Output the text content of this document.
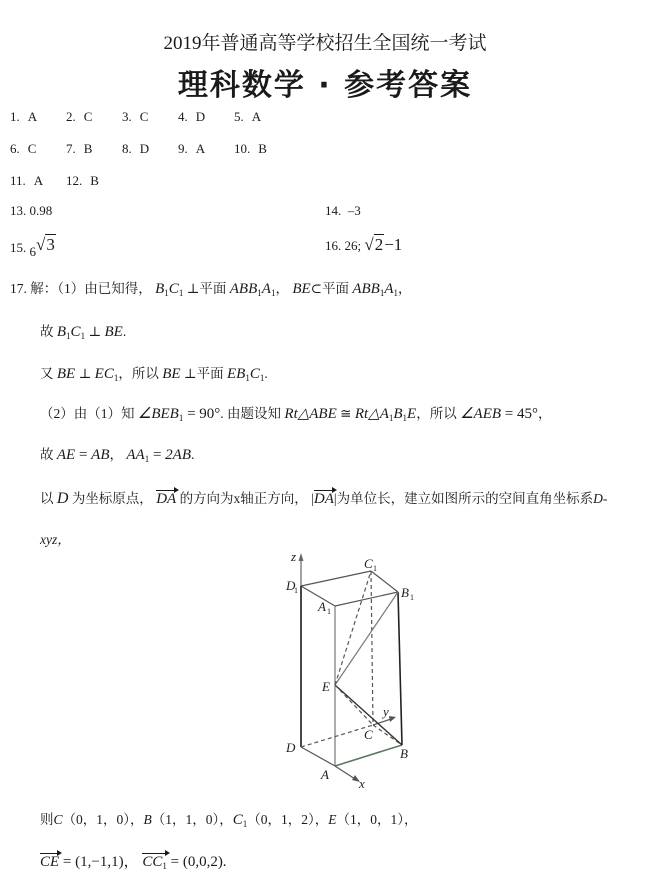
2019年普通高等学校招生全国统一考试
理科数学 · 参考答案
1. A 2. C 3. C 4. D 5. A
6. C 7. B 8. D 9. A 10. B
11. A 12. B
13. 0.98	14. –3
15. 6√3	16. 26; √2−1
17. 解：（1）由已知得， $B_1C_1$ ⊥平面 $ABB_1A_1$， BE⊂平面 $ABB_1A_1$，
故 $B_1C_1$ ⊥ BE.
又 BE ⊥ $EC_1$，所以 BE ⊥平面 $EB_1C_1$.
（2）由（1）知 $\angle BEB_1 = 90^\circ$. 由题设知 Rt△ABE ≅ $Rt\triangle A_1B_1E$，所以 ∠AEB = 45°，
故 AE = AB， $AA_1 = 2AB$.
以 D 为坐标原点， DA 的方向为x轴正方向， |DA|为单位长，建立如图所示的空间直角坐标系D-
xyz，
z
D
1
C 1
B 1
A 1
E
y
C
D	B
A
x
则C（0，1，0），B（1，1，0），$C_1(0$，1，2），E（1，0，1），
CE = (1,−1,1)， $CC_1 = (0,0,2)$.
